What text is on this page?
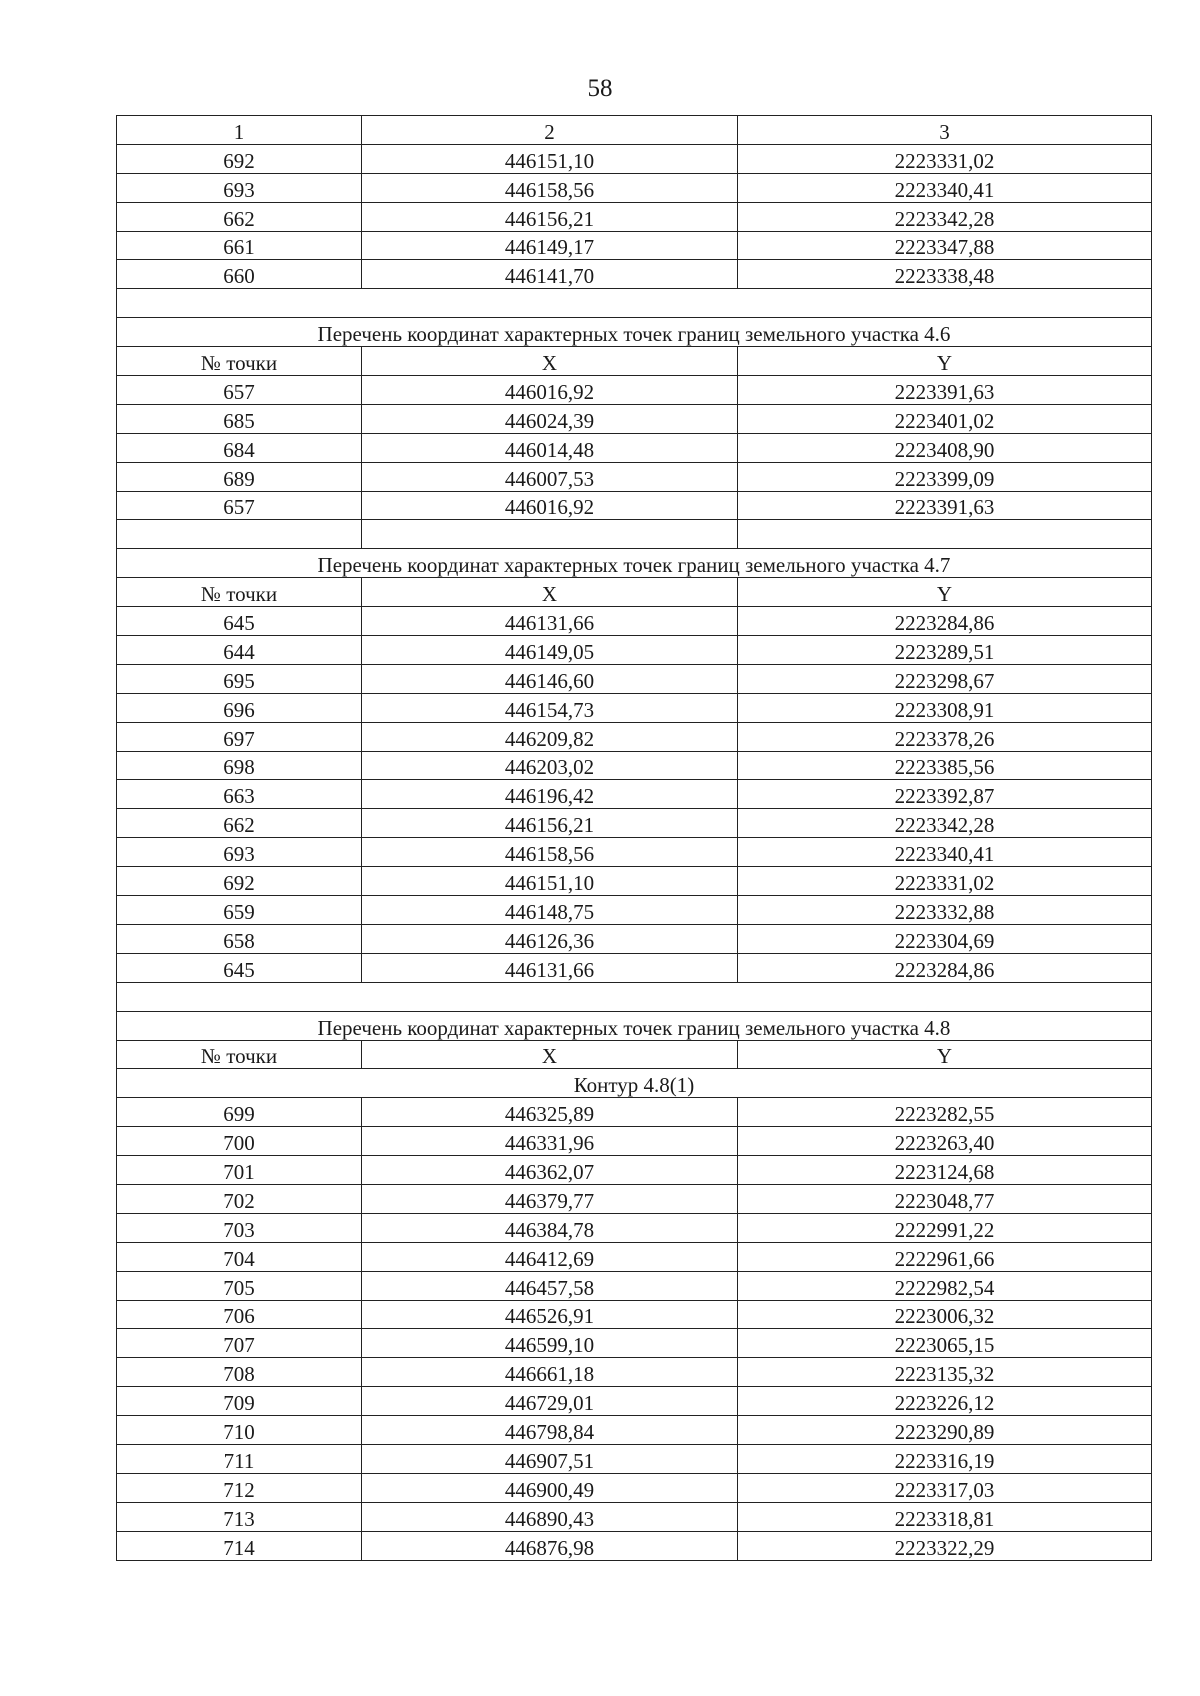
58
1	2	3
692	446151,10	2223331,02
693	446158,56	2223340,41
662	446156,21	2223342,28
661	446149,17	2223347,88
660	446141,70	2223338,48

Перечень координат характерных точек границ земельного участка 4.6		
№ точки	X	Y
657	446016,92	2223391,63
685	446024,39	2223401,02
684	446014,48	2223408,90
689	446007,53	2223399,09
657	446016,92	2223391,63

Перечень координат характерных точек границ земельного участка 4.7		
№ точки	X	Y
645	446131,66	2223284,86
644	446149,05	2223289,51
695	446146,60	2223298,67
696	446154,73	2223308,91
697	446209,82	2223378,26
698	446203,02	2223385,56
663	446196,42	2223392,87
662	446156,21	2223342,28
693	446158,56	2223340,41
692	446151,10	2223331,02
659	446148,75	2223332,88
658	446126,36	2223304,69
645	446131,66	2223284,86

Перечень координат характерных точек границ земельного участка 4.8		
№ точки	X	Y
Контур 4.8(1)		
699	446325,89	2223282,55
700	446331,96	2223263,40
701	446362,07	2223124,68
702	446379,77	2223048,77
703	446384,78	2222991,22
704	446412,69	2222961,66
705	446457,58	2222982,54
706	446526,91	2223006,32
707	446599,10	2223065,15
708	446661,18	2223135,32
709	446729,01	2223226,12
710	446798,84	2223290,89
711	446907,51	2223316,19
712	446900,49	2223317,03
713	446890,43	2223318,81
714	446876,98	2223322,29
